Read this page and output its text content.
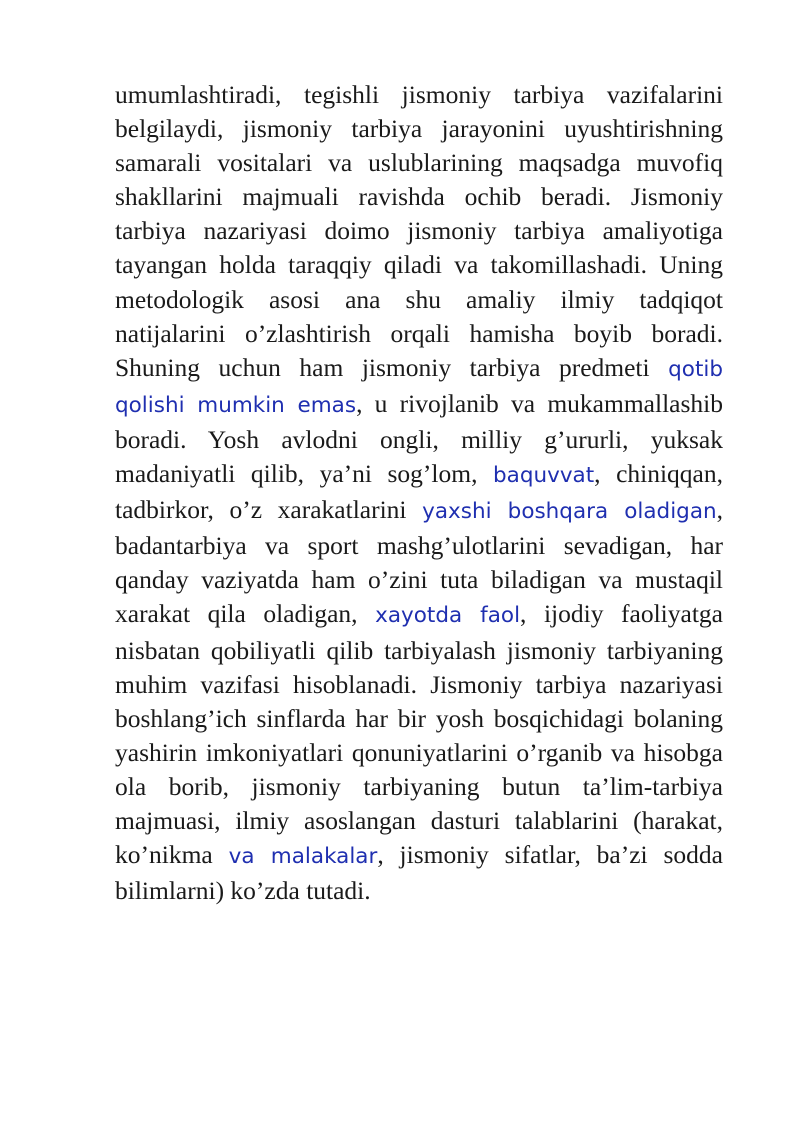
umumlashtiradi, tegishli jismoniy tarbiya vazifalarini belgilaydi, jismoniy tarbiya jarayonini uyushtirishning samarali vositalari va uslublarining maqsadga muvofiq shakllarini majmuali ravishda ochib beradi. Jismoniy tarbiya nazariyasi doimo jismoniy tarbiya amaliyotiga tayangan holda taraqqiy qiladi va takomillashadi. Uning metodologik asosi ana shu amaliy ilmiy tadqiqot natijalarini o’zlashtirish orqali hamisha boyib boradi. Shuning uchun ham jismoniy tarbiya predmeti qotib qolishi mumkin emas, u rivojlanib va mukammallashib boradi. Yosh avlodni ongli, milliy g’ururli, yuksak madaniyatli qilib, ya’ni sog’lom, baquvvat, chiniqqan, tadbirkor, o’z xarakatlarini yaxshi boshqara oladigan, badantarbiya va sport mashg’ulotlarini sevadigan, har qanday vaziyatda ham o’zini tuta biladigan va mustaqil xarakat qila oladigan, xayotda faol, ijodiy faoliyatga nisbatan qobiliyatli qilib tarbiyalash jismoniy tarbiyaning muhim vazifasi hisoblanadi. Jismoniy tarbiya nazariyasi boshlang’ich sinflarda har bir yosh bosqichidagi bolaning yashirin imkoniyatlari qonuniyatlarini o’rganib va hisobga ola borib, jismoniy tarbiyaning butun ta’lim-tarbiya majmuasi, ilmiy asoslangan dasturi talablarini (harakat, ko’nikma va malakalar, jismoniy sifatlar, ba’zi sodda bilimlarni) ko’zda tutadi.
